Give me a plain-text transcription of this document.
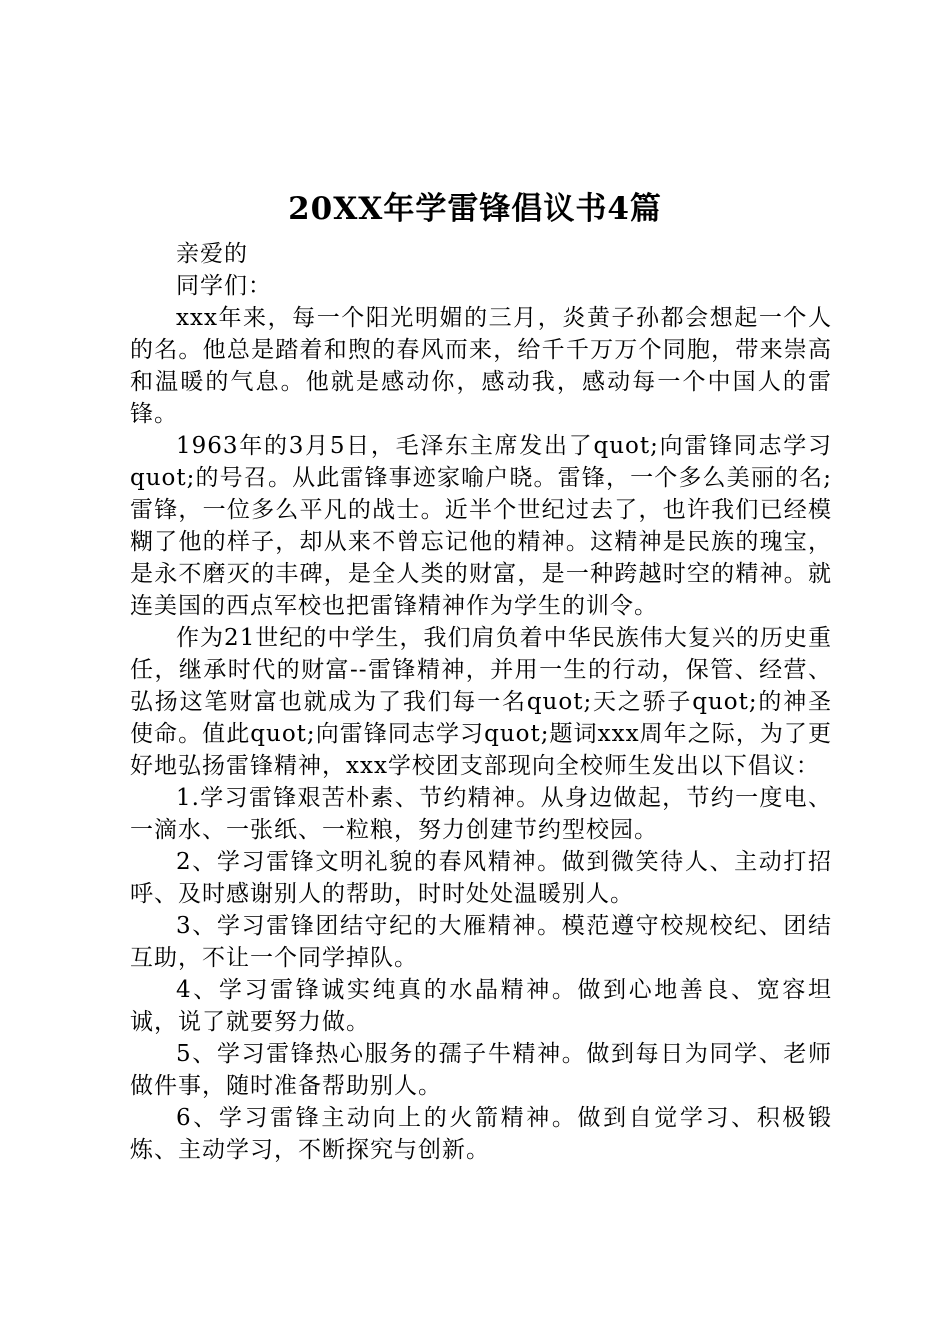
20XX年学雷锋倡议书4篇

亲爱的

同学们：

xxx年来，每一个阳光明媚的三月，炎黄子孙都会想起一个人的名。他总是踏着和煦的春风而来，给千千万万个同胞，带来崇高和温暖的气息。他就是感动你，感动我，感动每一个中国人的雷锋。

1963年的3月5日，毛泽东主席发出了quot;向雷锋同志学习quot;的号召。从此雷锋事迹家喻户晓。雷锋，一个多么美丽的名;雷锋，一位多么平凡的战士。近半个世纪过去了，也许我们已经模糊了他的样子，却从来不曾忘记他的精神。这精神是民族的瑰宝，是永不磨灭的丰碑，是全人类的财富，是一种跨越时空的精神。就连美国的西点军校也把雷锋精神作为学生的训令。

作为21世纪的中学生，我们肩负着中华民族伟大复兴的历史重任，继承时代的财富--雷锋精神，并用一生的行动，保管、经营、弘扬这笔财富也就成为了我们每一名quot;天之骄子quot;的神圣使命。值此quot;向雷锋同志学习quot;题词xxx周年之际，为了更好地弘扬雷锋精神，xxx学校团支部现向全校师生发出以下倡议：

1.学习雷锋艰苦朴素、节约精神。从身边做起，节约一度电、一滴水、一张纸、一粒粮，努力创建节约型校园。

2、学习雷锋文明礼貌的春风精神。做到微笑待人、主动打招呼、及时感谢别人的帮助，时时处处温暖别人。

3、学习雷锋团结守纪的大雁精神。模范遵守校规校纪、团结互助，不让一个同学掉队。

4、学习雷锋诚实纯真的水晶精神。做到心地善良、宽容坦诚，说了就要努力做。

5、学习雷锋热心服务的孺子牛精神。做到每日为同学、老师做件事，随时准备帮助别人。

6、学习雷锋主动向上的火箭精神。做到自觉学习、积极锻炼、主动学习，不断探究与创新。
